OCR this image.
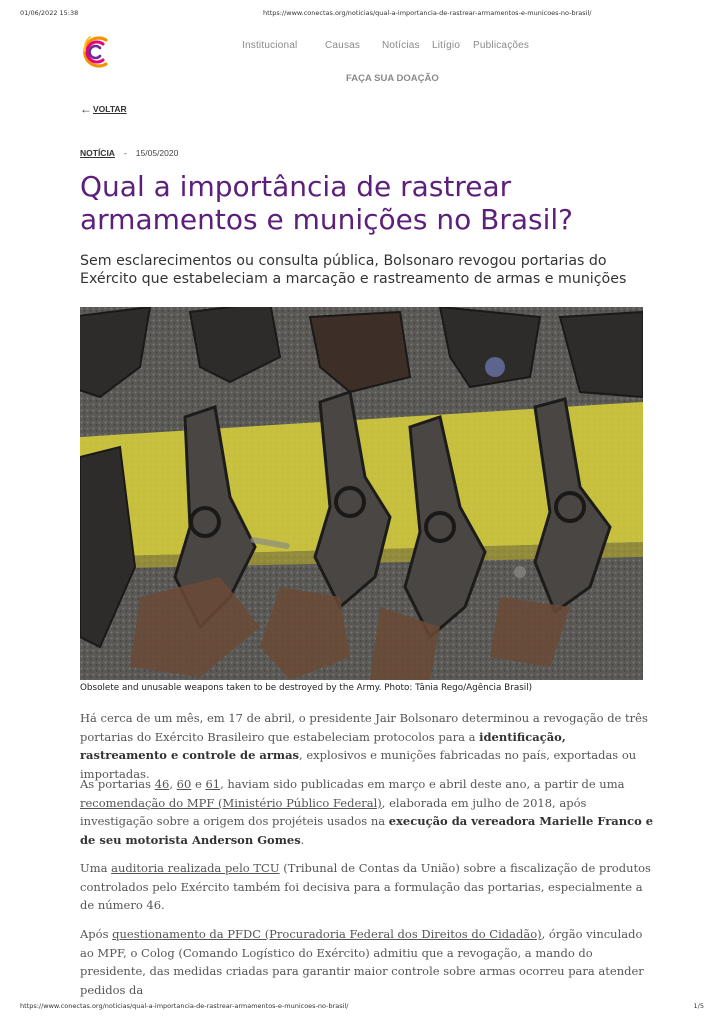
01/06/2022 15:38	https://www.conectas.org/noticias/qual-a-importancia-de-rastrear-armamentos-e-municoes-no-brasil/
Institucional	Causas Notícias Litígio Publicações
FAÇA SUA DOAÇÃO
← VOLTAR
NOTÍCIA - 15/05/2020
Qual a importância de rastrear armamentos e munições no Brasil?
Sem esclarecimentos ou consulta pública, Bolsonaro revogou portarias do Exército que estabeleciam a marcação e rastreamento de armas e munições
Obsolete and unusable weapons taken to be destroyed by the Army. Photo: Tânia Rego/Agência Brasil)
Há cerca de um mês, em 17 de abril, o presidente Jair Bolsonaro determinou a revogação de três portarias do Exército Brasileiro que estabeleciam protocolos para a identificação, rastreamento e controle de armas, explosivos e munições fabricadas no país, exportadas ou importadas.
As portarias 46, 60 e 61, haviam sido publicadas em março e abril deste ano, a partir de uma recomendação do MPF (Ministério Público Federal), elaborada em julho de 2018, após investigação sobre a origem dos projéteis usados na execução da vereadora Marielle Franco e de seu motorista Anderson Gomes.
Uma auditoria realizada pelo TCU (Tribunal de Contas da União) sobre a fiscalização de produtos controlados pelo Exército também foi decisiva para a formulação das portarias, especialmente a de número 46.
Após questionamento da PFDC (Procuradoria Federal dos Direitos do Cidadão), órgão vinculado ao MPF, o Colog (Comando Logístico do Exército) admitiu que a revogação, a mando do presidente, das medidas criadas para garantir maior controle sobre armas ocorreu para atender pedidos da
https://www.conectas.org/noticias/qual-a-importancia-de-rastrear-armamentos-e-municoes-no-brasil/	1/5
